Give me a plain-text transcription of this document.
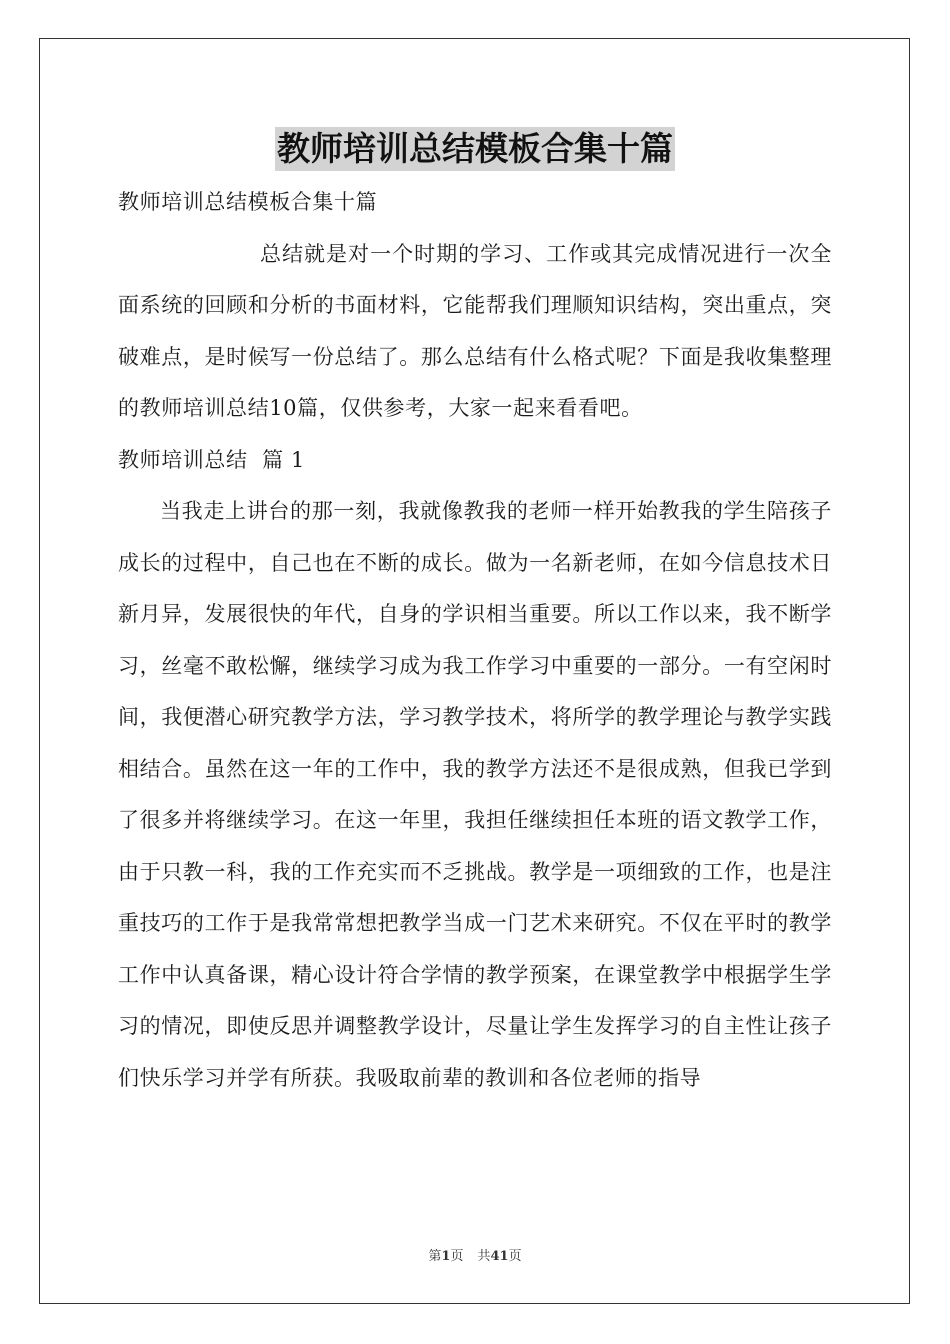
教师培训总结模板合集十篇

教师培训总结模板合集十篇

总结就是对一个时期的学习、工作或其完成情况进行一次全面系统的回顾和分析的书面材料，它能帮我们理顺知识结构，突出重点，突破难点，是时候写一份总结了。那么总结有什么格式呢？下面是我收集整理的教师培训总结10篇，仅供参考，大家一起来看看吧。

教师培训总结  篇 1

当我走上讲台的那一刻，我就像教我的老师一样开始教我的学生陪孩子成长的过程中，自己也在不断的成长。做为一名新老师，在如今信息技术日新月异，发展很快的年代，自身的学识相当重要。所以工作以来，我不断学习，丝毫不敢松懈，继续学习成为我工作学习中重要的一部分。一有空闲时间，我便潜心研究教学方法，学习教学技术，将所学的教学理论与教学实践相结合。虽然在这一年的工作中，我的教学方法还不是很成熟，但我已学到了很多并将继续学习。在这一年里，我担任继续担任本班的语文教学工作，由于只教一科，我的工作充实而不乏挑战。教学是一项细致的工作，也是注重技巧的工作于是我常常想把教学当成一门艺术来研究。不仅在平时的教学工作中认真备课，精心设计符合学情的教学预案，在课堂教学中根据学生学习的情况，即使反思并调整教学设计，尽量让学生发挥学习的自主性让孩子们快乐学习并学有所获。我吸取前辈的教训和各位老师的指导

第1页 共41页
